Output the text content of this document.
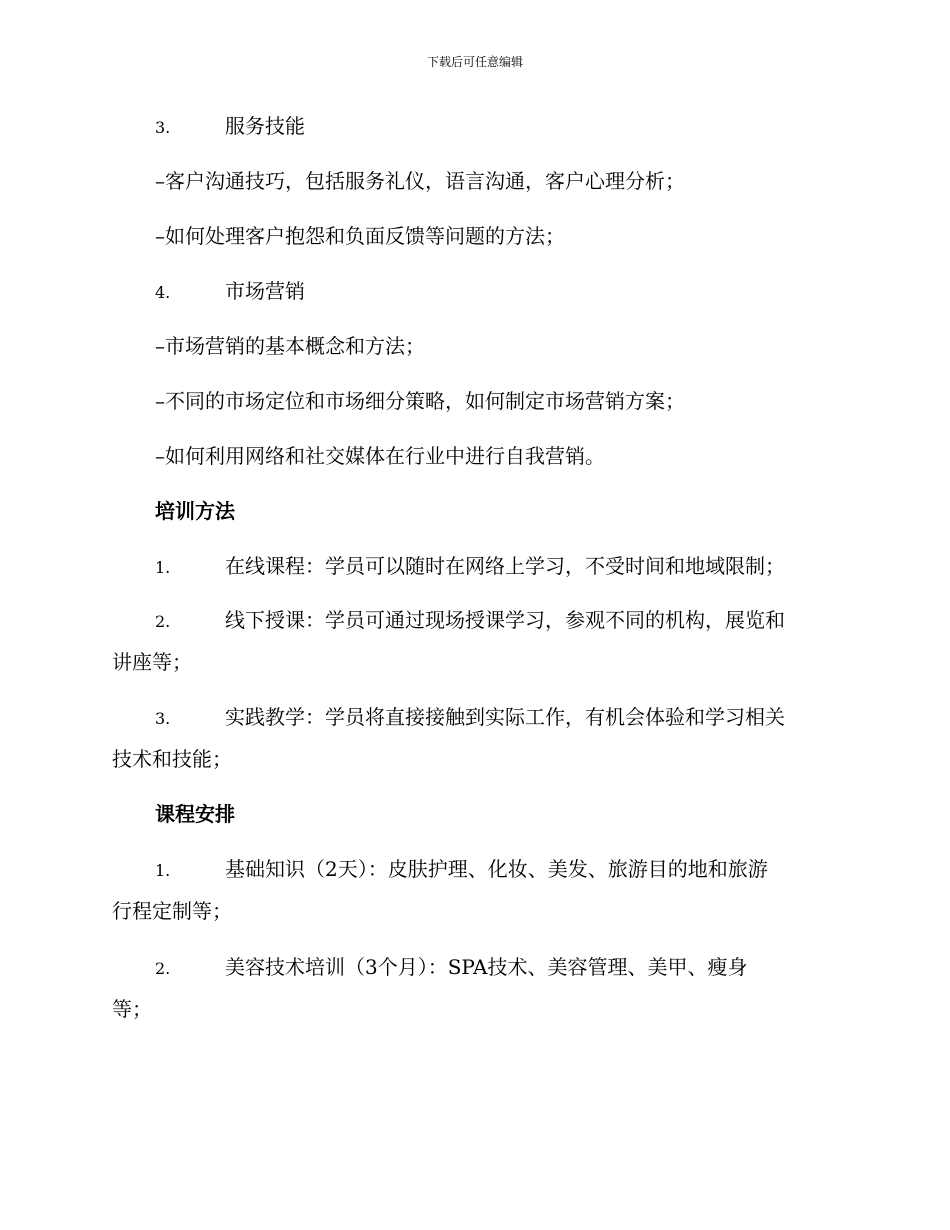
下载后可任意编辑
3.	服务技能
–客户沟通技巧，包括服务礼仪，语言沟通，客户心理分析；
–如何处理客户抱怨和负面反馈等问题的方法；
4.	市场营销
–市场营销的基本概念和方法；
–不同的市场定位和市场细分策略，如何制定市场营销方案；
–如何利用网络和社交媒体在行业中进行自我营销。
培训方法
1.	在线课程：学员可以随时在网络上学习，不受时间和地域限制；
2.	线下授课：学员可通过现场授课学习，参观不同的机构，展览和
讲座等；
3.	实践教学：学员将直接接触到实际工作，有机会体验和学习相关
技术和技能；
课程安排
1.	基础知识（2天）：皮肤护理、化妆、美发、旅游目的地和旅游
行程定制等；
2.	美容技术培训（3个月）：SPA技术、美容管理、美甲、瘦身
等；
